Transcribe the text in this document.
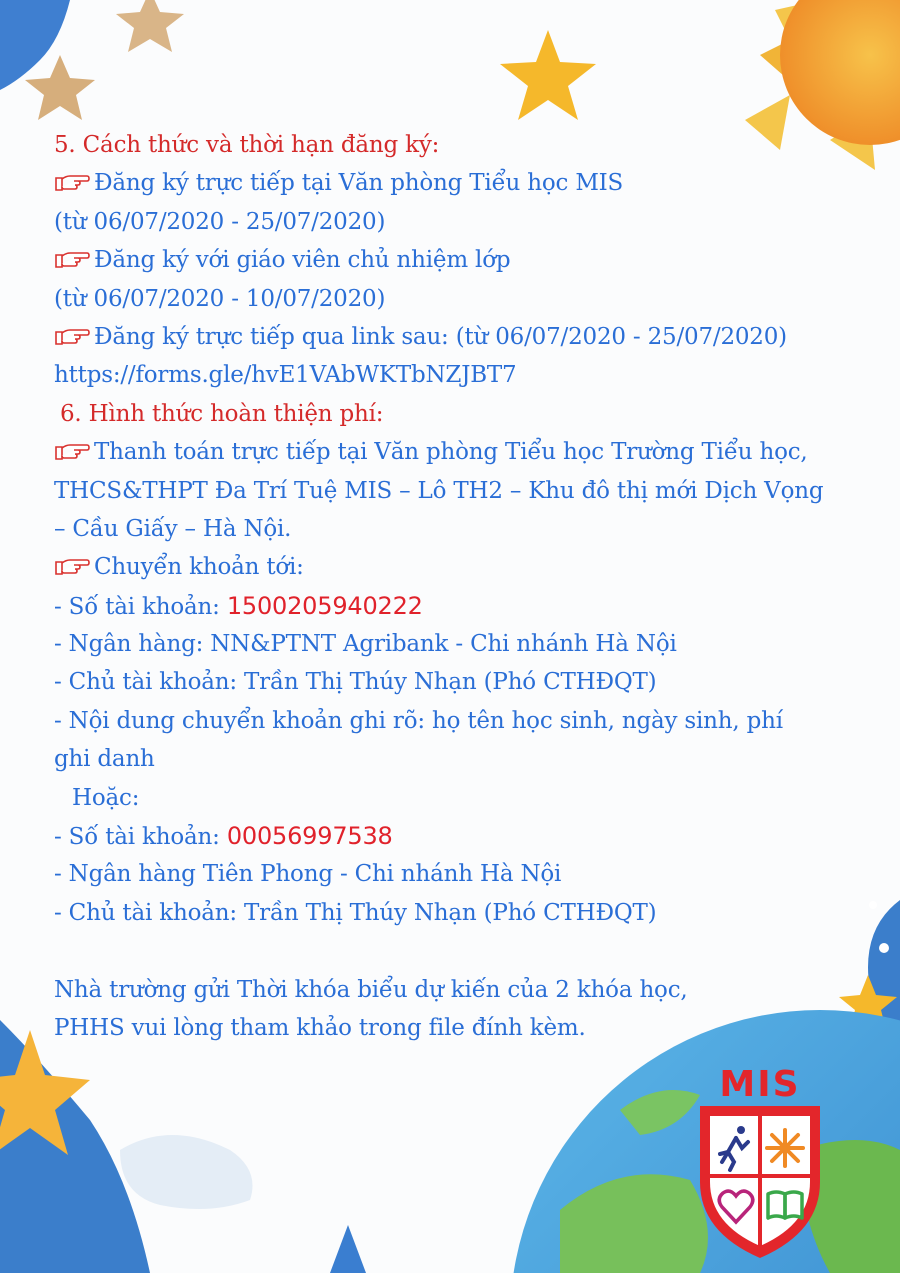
5. Cách thức và thời hạn đăng ký:
Đăng ký trực tiếp tại Văn phòng Tiểu học MIS
(từ 06/07/2020 - 25/07/2020)
Đăng ký với giáo viên chủ nhiệm lớp
(từ 06/07/2020 - 10/07/2020)
Đăng ký trực tiếp qua link sau: (từ 06/07/2020 - 25/07/2020)
https://forms.gle/hvE1VAbWKTbNZJBT7
6. Hình thức hoàn thiện phí:
Thanh toán trực tiếp tại Văn phòng Tiểu học Trường Tiểu học,
THCS&THPT Đa Trí Tuệ MIS – Lô TH2 – Khu đô thị mới Dịch Vọng
– Cầu Giấy – Hà Nội.
Chuyển khoản tới:
- Số tài khoản: 1500205940222
- Ngân hàng: NN&PTNT Agribank - Chi nhánh Hà Nội
- Chủ tài khoản: Trần Thị Thúy Nhạn (Phó CTHĐQT)
- Nội dung chuyển khoản ghi rõ: họ tên học sinh, ngày sinh, phí
ghi danh
Hoặc:
- Số tài khoản: 00056997538
- Ngân hàng Tiên Phong - Chi nhánh Hà Nội
- Chủ tài khoản: Trần Thị Thúy Nhạn (Phó CTHĐQT)
Nhà trường gửi Thời khóa biểu dự kiến của 2 khóa học,
PHHS vui lòng tham khảo trong file đính kèm.
MIS
